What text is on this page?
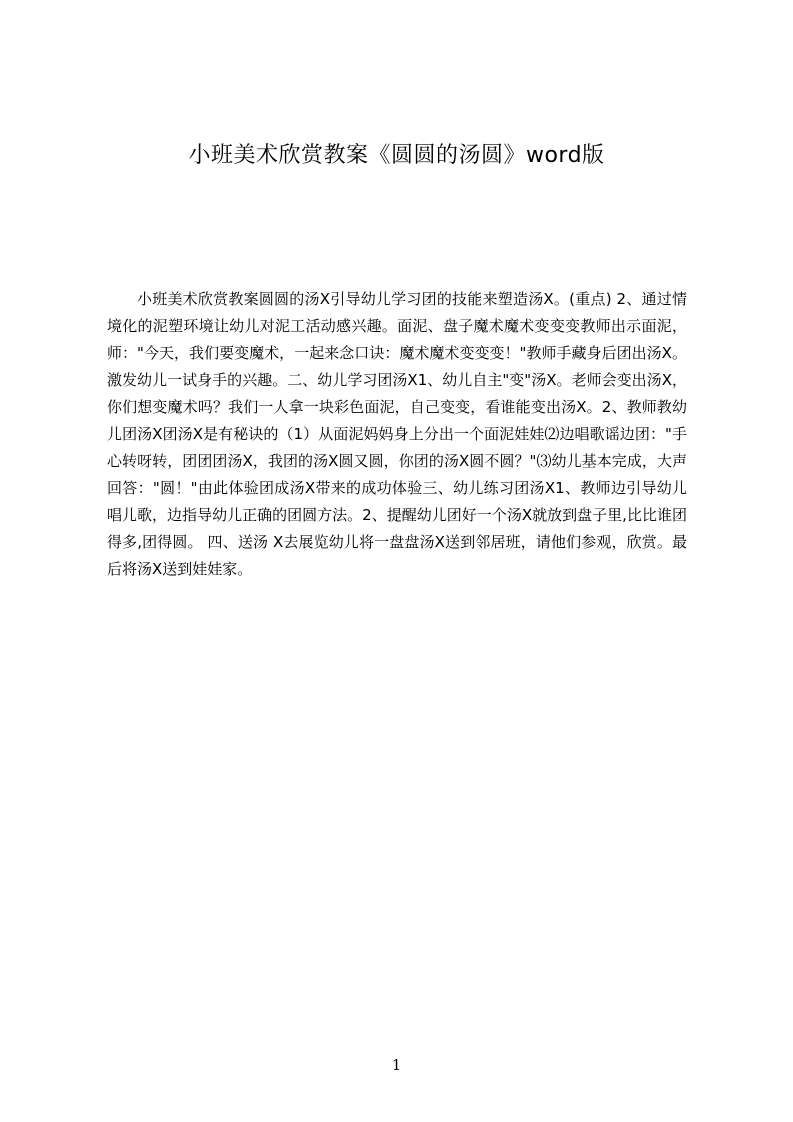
小班美术欣赏教案《圆圆的汤圆》word版

小班美术欣赏教案圆圆的汤X引导幼儿学习团的技能来塑造汤X。(重点) 2、通过情境化的泥塑环境让幼儿对泥工活动感兴趣。面泥、盘子魔术魔术变变变教师出示面泥，师："今天，我们要变魔术，一起来念口诀：魔术魔术变变变！"教师手藏身后团出汤X。激发幼儿一试身手的兴趣。二、幼儿学习团汤X1、幼儿自主"变"汤X。老师会变出汤X，你们想变魔术吗？我们一人拿一块彩色面泥，自己变变，看谁能变出汤X。2、教师教幼儿团汤X团汤X是有秘诀的（1）从面泥妈妈身上分出一个面泥娃娃⑵边唱歌谣边团："手心转呀转，团团团汤X，我团的汤X圆又圆，你团的汤X圆不圆？"⑶幼儿基本完成，大声回答："圆！"由此体验团成汤X带来的成功体验三、幼儿练习团汤X1、教师边引导幼儿唱儿歌，边指导幼儿正确的团圆方法。2、提醒幼儿团好一个汤X就放到盘子里,比比谁团得多,团得圆。 四、送汤 X去展览幼儿将一盘盘汤X送到邻居班，请他们参观，欣赏。最后将汤X送到娃娃家。

1
